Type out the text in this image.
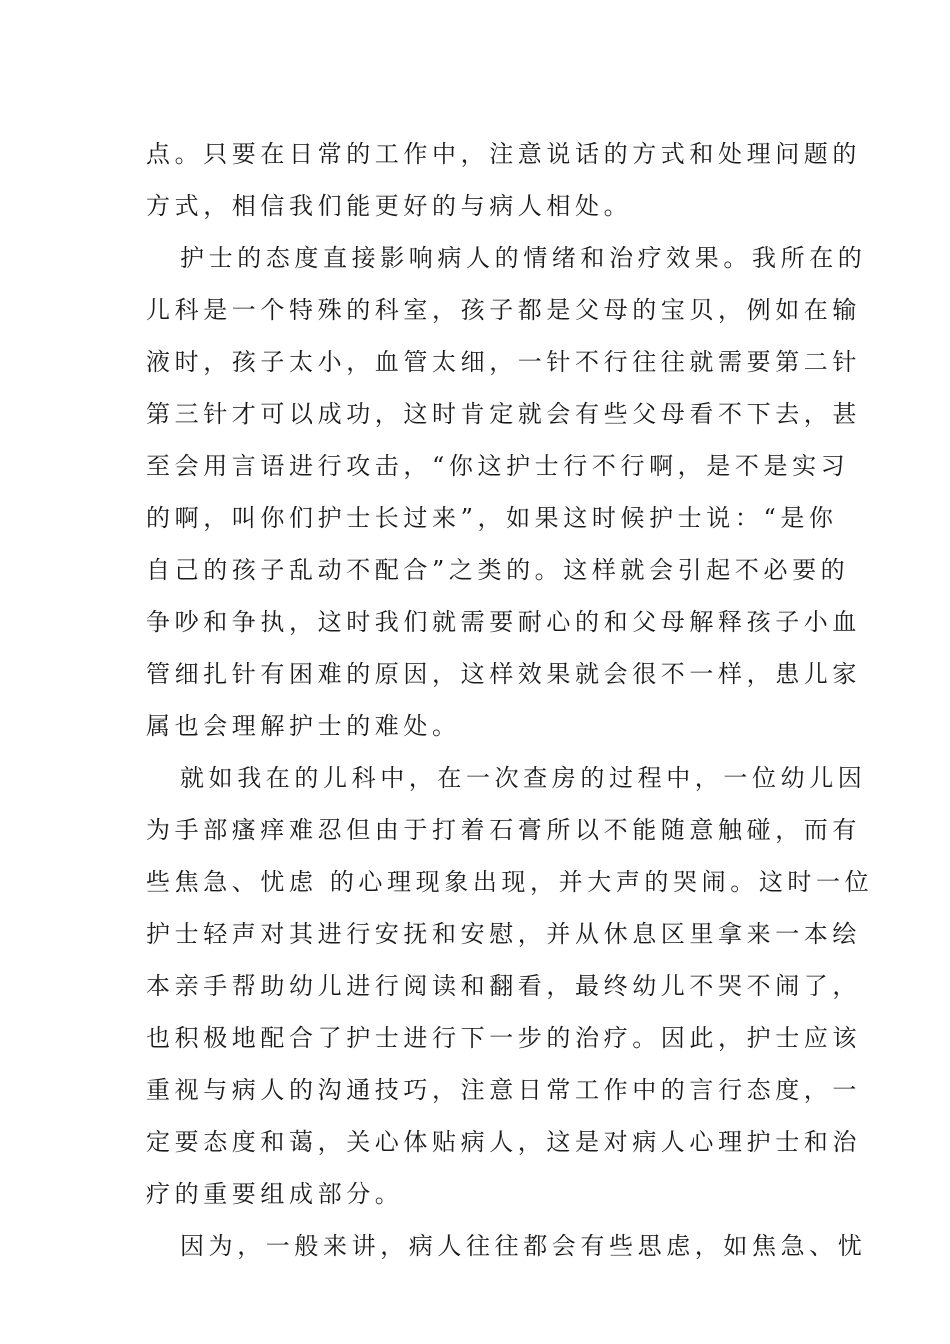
点。只要在日常的工作中，注意说话的方式和处理问题的
方式，相信我们能更好的与病人相处。
护士的态度直接影响病人的情绪和治疗效果。我所在的
儿科是一个特殊的科室，孩子都是父母的宝贝，例如在输
液时，孩子太小，血管太细，一针不行往往就需要第二针
第三针才可以成功，这时肯定就会有些父母看不下去，甚
至会用言语进行攻击，“你这护士行不行啊，是不是实习
的啊，叫你们护士长过来”，如果这时候护士说：“是你
自己的孩子乱动不配合”之类的。这样就会引起不必要的
争吵和争执，这时我们就需要耐心的和父母解释孩子小血
管细扎针有困难的原因，这样效果就会很不一样，患儿家
属也会理解护士的难处。
就如我在的儿科中，在一次查房的过程中，一位幼儿因
为手部瘙痒难忍但由于打着石膏所以不能随意触碰，而有
些焦急、忧虑 的心理现象出现，并大声的哭闹。这时一位
护士轻声对其进行安抚和安慰，并从休息区里拿来一本绘
本亲手帮助幼儿进行阅读和翻看，最终幼儿不哭不闹了，
也积极地配合了护士进行下一步的治疗。因此，护士应该
重视与病人的沟通技巧，注意日常工作中的言行态度，一
定要态度和蔼，关心体贴病人，这是对病人心理护士和治
疗的重要组成部分。
因为，一般来讲，病人往往都会有些思虑，如焦急、忧
